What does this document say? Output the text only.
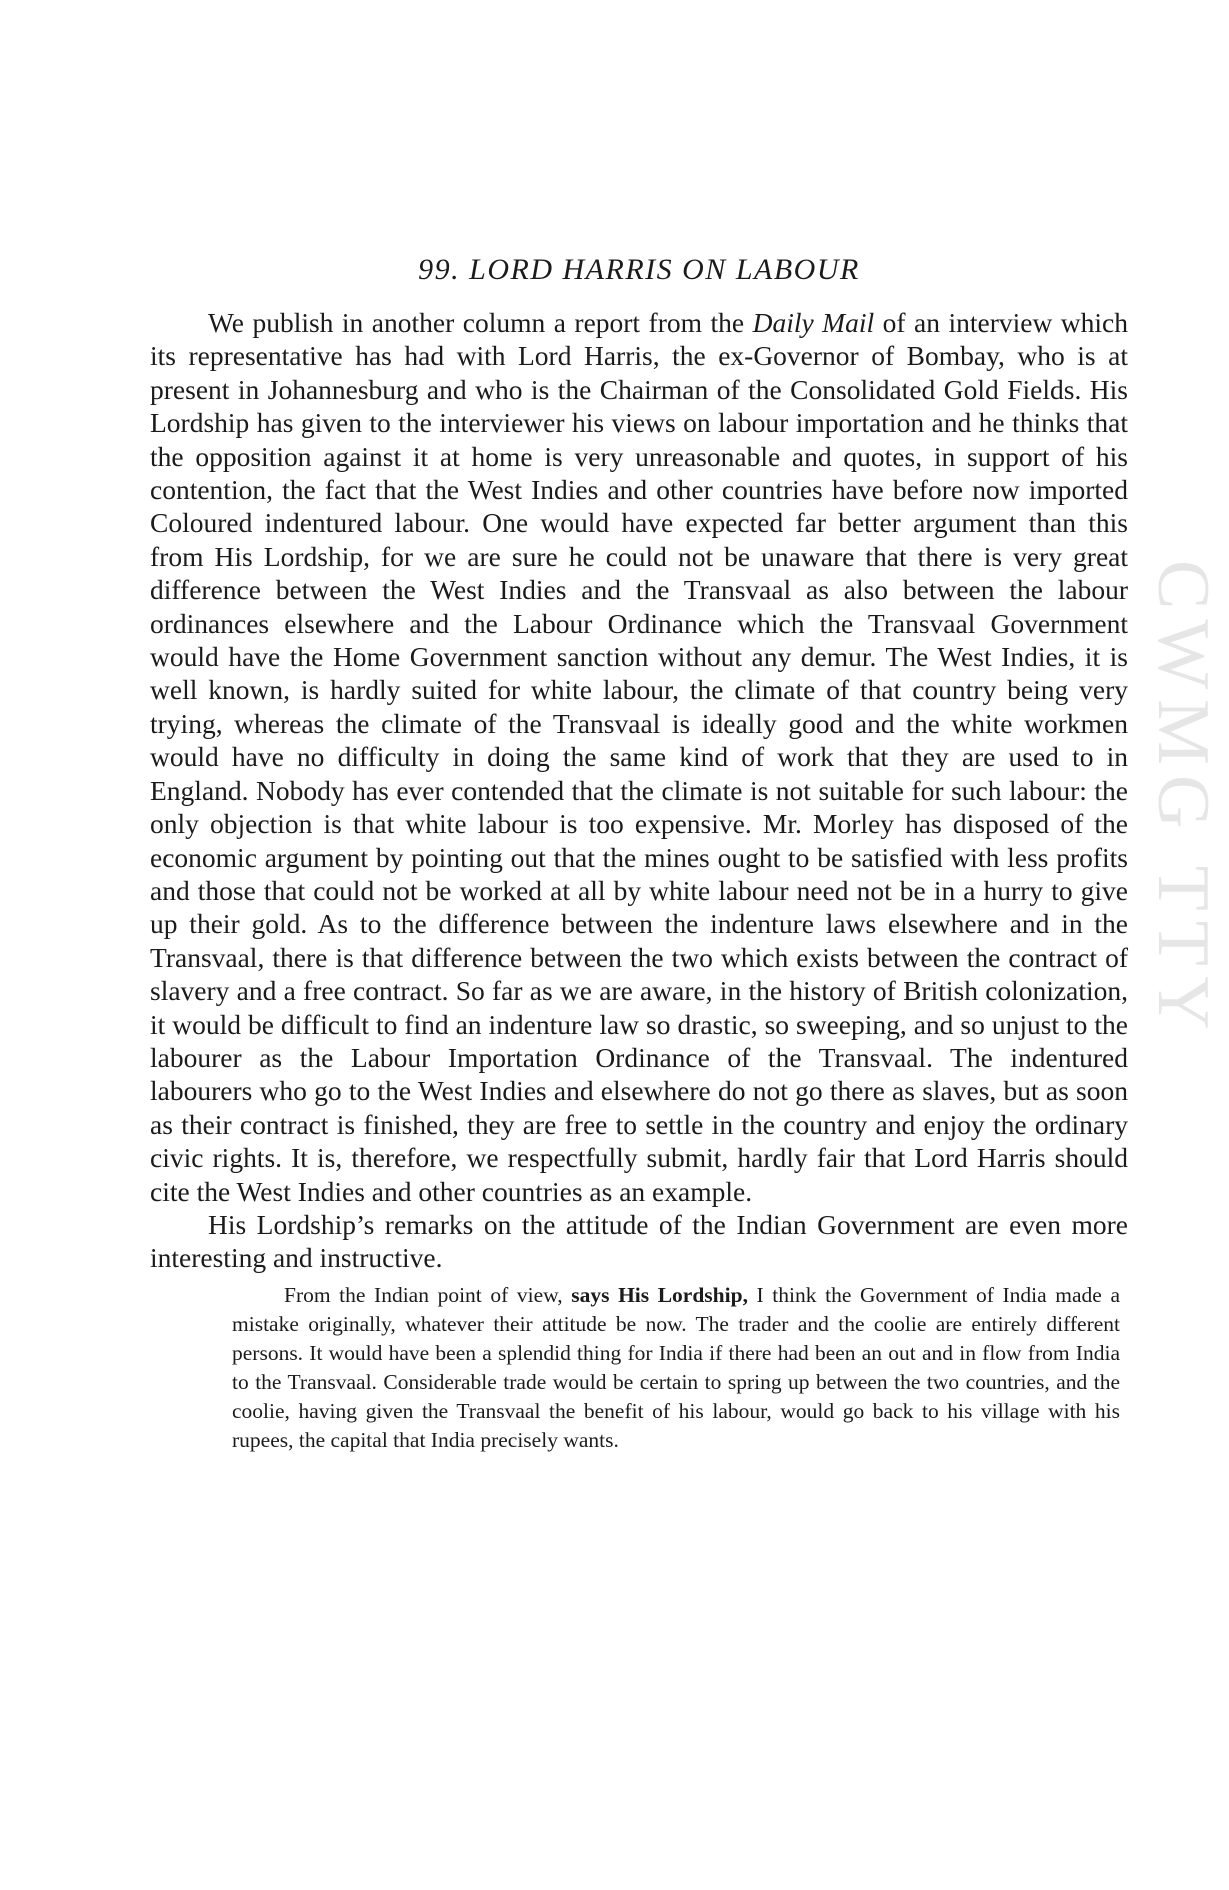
CWMG TTY
99. LORD HARRIS ON LABOUR

We publish in another column a report from the Daily Mail of an interview which its representative has had with Lord Harris, the ex-Governor of Bombay, who is at present in Johannesburg and who is the Chairman of the Consolidated Gold Fields. His Lordship has given to the interviewer his views on labour importation and he thinks that the opposition against it at home is very unreasonable and quotes, in support of his contention, the fact that the West Indies and other countries have before now imported Coloured indentured labour. One would have expected far better argument than this from His Lordship, for we are sure he could not be unaware that there is very great difference between the West Indies and the Transvaal as also between the labour ordinances elsewhere and the Labour Ordinance which the Transvaal Government would have the Home Government sanction without any demur. The West Indies, it is well known, is hardly suited for white labour, the climate of that country being very trying, whereas the climate of the Transvaal is ideally good and the white workmen would have no difficulty in doing the same kind of work that they are used to in England. Nobody has ever contended that the climate is not suitable for such labour: the only objection is that white labour is too expensive. Mr. Morley has disposed of the economic argument by pointing out that the mines ought to be satisfied with less profits and those that could not be worked at all by white labour need not be in a hurry to give up their gold. As to the difference between the indenture laws elsewhere and in the Transvaal, there is that difference between the two which exists between the contract of slavery and a free contract. So far as we are aware, in the history of British colonization, it would be difficult to find an indenture law so drastic, so sweeping, and so unjust to the labourer as the Labour Importation Ordinance of the Transvaal. The indentured labourers who go to the West Indies and elsewhere do not go there as slaves, but as soon as their contract is finished, they are free to settle in the country and enjoy the ordinary civic rights. It is, therefore, we respectfully submit, hardly fair that Lord Harris should cite the West Indies and other countries as an example.

His Lordship’s remarks on the attitude of the Indian Government are even more interesting and instructive.

From the Indian point of view, says His Lordship, I think the Government of India made a mistake originally, whatever their attitude be now. The trader and the coolie are entirely different persons. It would have been a splendid thing for India if there had been an out and in flow from India to the Transvaal. Considerable trade would be certain to spring up between the two countries, and the coolie, having given the Transvaal the benefit of his labour, would go back to his village with his rupees, the capital that India precisely wants.
